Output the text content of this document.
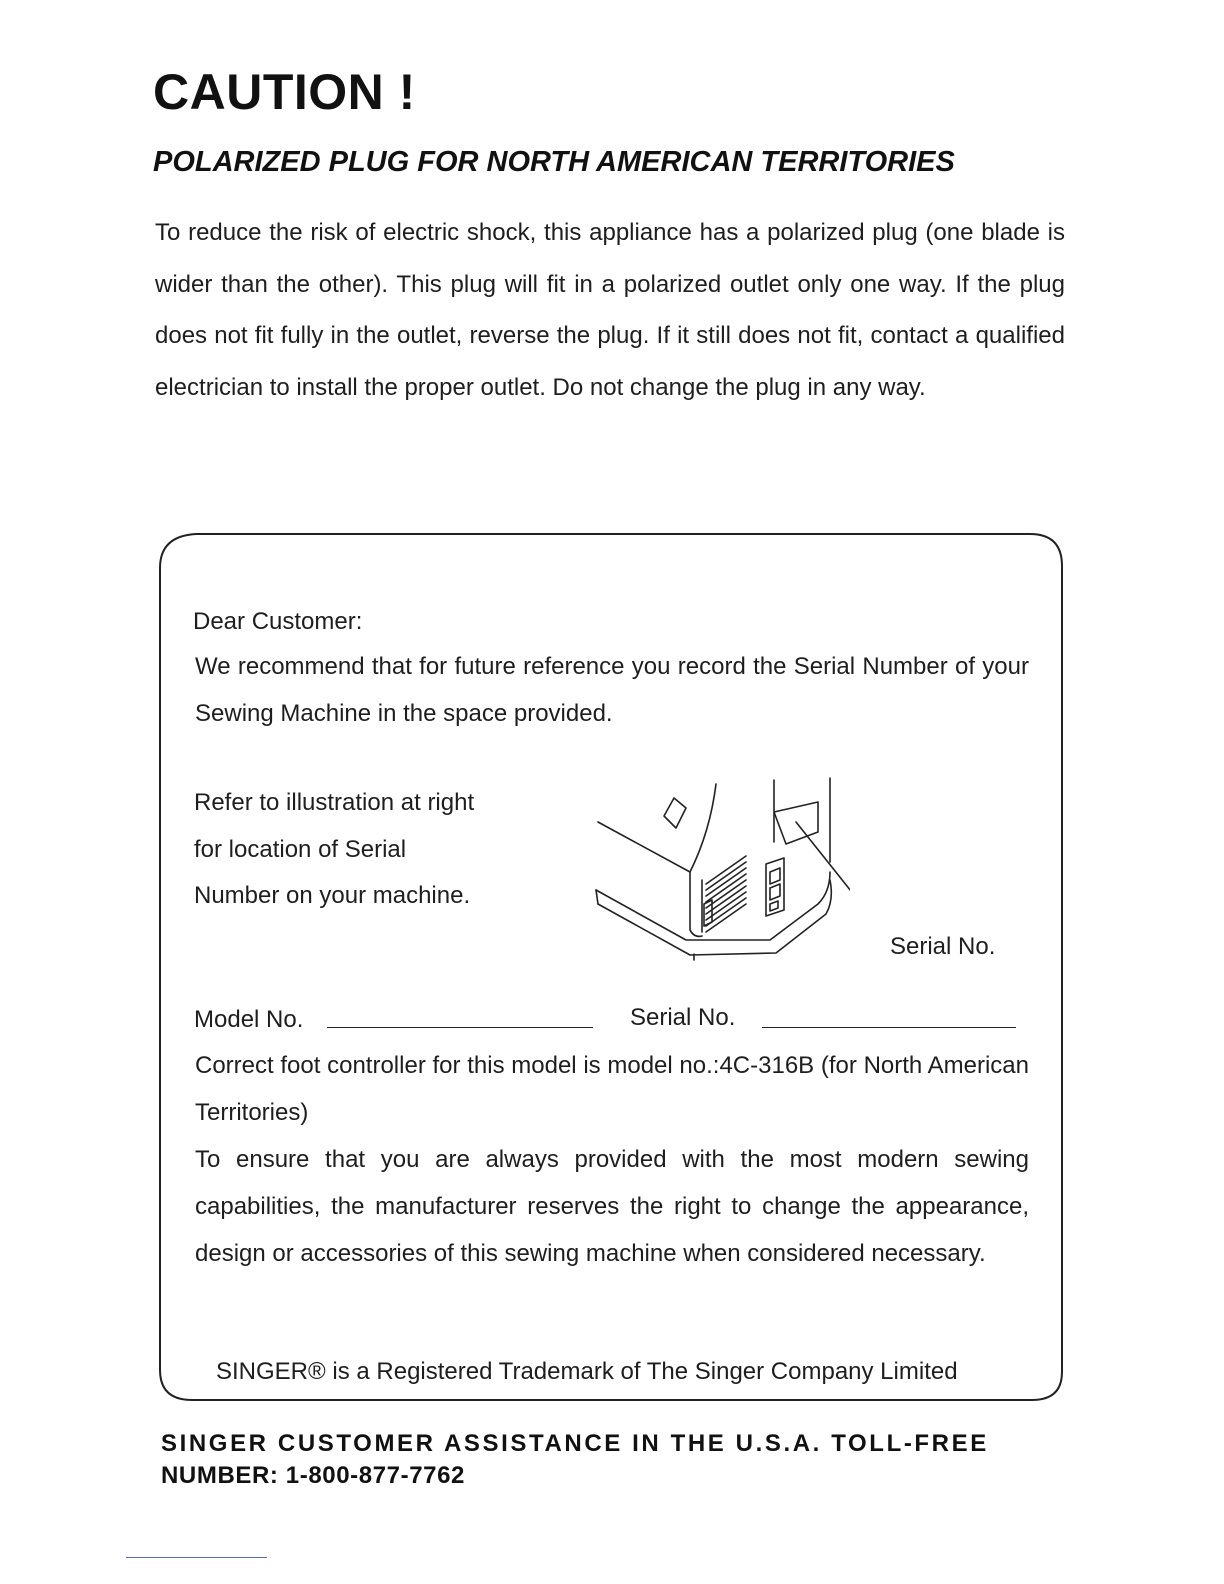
CAUTION !
POLARIZED PLUG FOR NORTH AMERICAN TERRITORIES

To reduce the risk of electric shock, this appliance has a polarized plug (one blade is wider than the other). This plug will fit in a polarized outlet only one way. If the plug does not fit fully in the outlet, reverse the plug. If it still does not fit, contact a qualified electrician to install the proper outlet. Do not change the plug in any way.

Dear Customer:

We recommend that for future reference you record the Serial Number of your Sewing Machine in the space provided.

Refer to illustration at right
for location of Serial
Number on your machine.
Serial No.
Model No.	Serial No.

Correct foot controller for this model is model no.:4C-316B (for North American Territories)

To ensure that you are always provided with the most modern sewing capabilities, the manufacturer reserves the right to change the appearance, design or accessories of this sewing machine when considered necessary.

SINGER® is a Registered Trademark of The Singer Company Limited

SINGER CUSTOMER ASSISTANCE IN THE U.S.A. TOLL-FREE
NUMBER: 1-800-877-7762
